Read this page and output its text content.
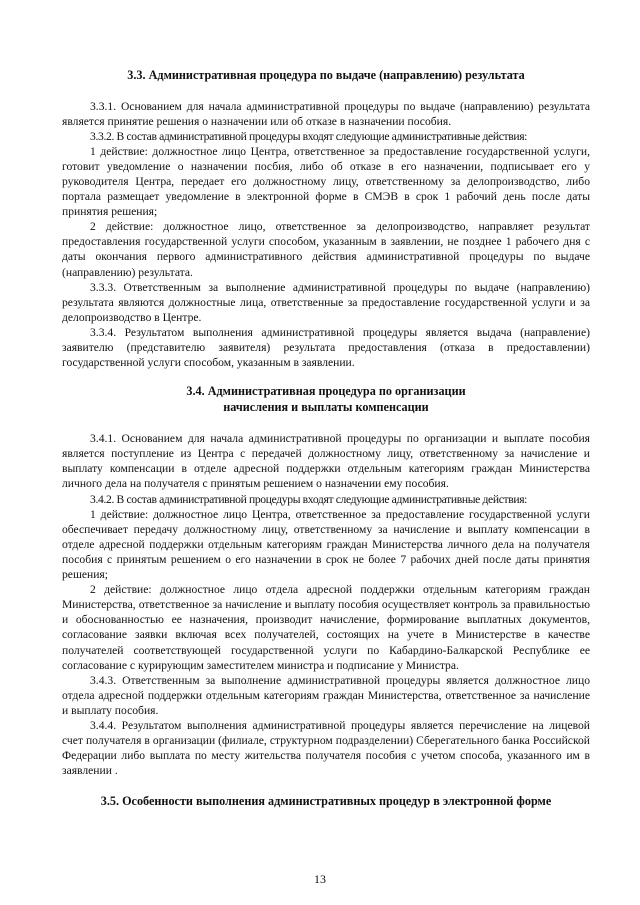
3.3. Административная процедура по выдаче (направлению) результата

3.3.1. Основанием для начала административной процедуры по выдаче (направлению) результата является принятие решения о назначении или об отказе в назначении пособия.

3.3.2. В состав административной процедуры входят следующие административные действия:

1 действие: должностное лицо Центра, ответственное за предоставление государственной услуги, готовит уведомление о назначении посбия, либо об отказе в его назначении, подписывает его у руководителя Центра, передает его должностному лицу, ответственному за делопроизводство, либо портала размещает уведомление в электронной форме в СМЭВ в срок 1 рабочий день после даты принятия решения;

2 действие: должностное лицо, ответственное за делопроизводство, направляет результат предоставления государственной услуги способом, указанным в заявлении, не позднее 1 рабочего дня с даты окончания первого административного действия административной процедуры по выдаче (направлению) результата.

3.3.3. Ответственным за выполнение административной процедуры по выдаче (направлению) результата являются должностные лица, ответственные за предоставление государственной услуги и за делопроизводство в Центре.

3.3.4. Результатом выполнения административной процедуры является выдача (направление) заявителю (представителю заявителя) результата предоставления (отказа в предоставлении) государственной услуги способом, указанным в заявлении.

3.4. Административная процедура по организации
начисления и выплаты компенсации

3.4.1. Основанием для начала административной процедуры по организации и выплате пособия является поступление из Центра с передачей должностному лицу, ответственному за начисление и выплату компенсации в отделе адресной поддержки отдельным категориям граждан Министерства личного дела на получателя с принятым решением о назначении ему пособия.

3.4.2. В состав административной процедуры входят следующие административные действия:

1 действие: должностное лицо Центра, ответственное за предоставление государственной услуги обеспечивает передачу должностному лицу, ответственному за начисление и выплату компенсации в отделе адресной поддержки отдельным категориям граждан Министерства личного дела на получателя пособия с принятым решением о его назначении в срок не более 7 рабочих дней после даты принятия решения;

2 действие: должностное лицо отдела адресной поддержки отдельным категориям граждан Министерства, ответственное за начисление и выплату пособия осуществляет контроль за правильностью и обоснованностью ее назначения, производит начисление, формирование выплатных документов, согласование заявки включая всех получателей, состоящих на учете в Министерстве в качестве получателей соответствующей государственной услуги по Кабардино-Балкарской Республике ее согласование с курирующим заместителем министра и подписание у Министра.

3.4.3. Ответственным за выполнение административной процедуры является должностное лицо отдела адресной поддержки отдельным категориям граждан Министерства, ответственное за начисление и выплату пособия.

3.4.4. Результатом выполнения административной процедуры является перечисление на лицевой счет получателя в организации (филиале, структурном подразделении) Сберегательного банка Российской Федерации либо выплата по месту жительства получателя пособия с учетом способа, указанного им в заявлении .

3.5. Особенности выполнения административных процедур в электронной форме
13
